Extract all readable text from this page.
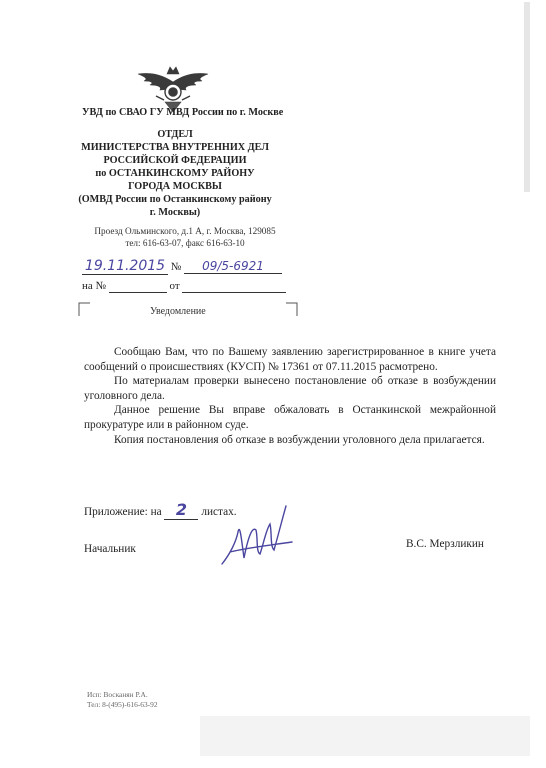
УВД по СВАО ГУ МВД России по г. Москве
ОТДЕЛ
МИНИСТЕРСТВА ВНУТРЕННИХ ДЕЛ
РОССИЙСКОЙ ФЕДЕРАЦИИ
по ОСТАНКИНСКОМУ РАЙОНУ
ГОРОДА МОСКВЫ
(ОМВД России по Останкинскому району
г. Москвы)
Проезд Ольминского, д.1 А, г. Москва, 129085
тел: 616-63-07, факс 616-63-10
19.11.2015 № 09/5-6921
на №	от
Уведомление

Сообщаю Вам, что по Вашему заявлению зарегистрированное в книге учета сообщений о происшествиях (КУСП) № 17361 от 07.11.2015 расмотрено.

По материалам проверки вынесено постановление об отказе в возбуждении уголовного дела.

Данное решение Вы вправе обжаловать в Останкинской межрайонной прокуратуре или в районном суде.

Копия постановления об отказе в возбуждении уголовного дела прилагается.

Приложение: на 2 листах.
Начальник	В.С. Мерзликин
Исп: Восканян Р.А.
Тел: 8-(495)-616-63-92
